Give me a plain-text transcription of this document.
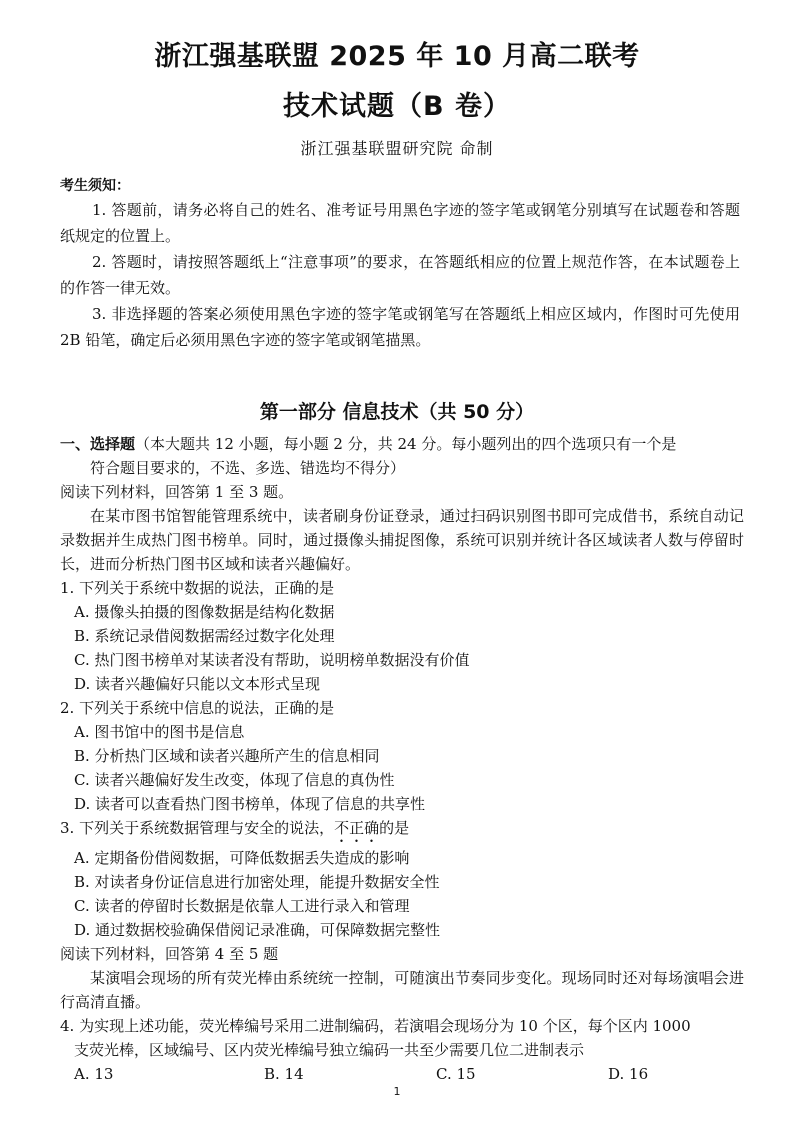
浙江强基联盟 2025 年 10 月高二联考
技术试题（B 卷）
浙江强基联盟研究院 命制
考生须知：
1. 答题前，请务必将自己的姓名、准考证号用黑色字迹的签字笔或钢笔分别填写在试题卷和答题纸规定的位置上。
2. 答题时，请按照答题纸上“注意事项”的要求，在答题纸相应的位置上规范作答，在本试题卷上的作答一律无效。
3. 非选择题的答案必须使用黑色字迹的签字笔或钢笔写在答题纸上相应区域内，作图时可先使用 2B 铅笔，确定后必须用黑色字迹的签字笔或钢笔描黑。
第一部分 信息技术（共 50 分）
一、选择题（本大题共 12 小题，每小题 2 分，共 24 分。每小题列出的四个选项只有一个是
符合题目要求的，不选、多选、错选均不得分）
阅读下列材料，回答第 1 至 3 题。
在某市图书馆智能管理系统中，读者刷身份证登录，通过扫码识别图书即可完成借书，系统自动记录数据并生成热门图书榜单。同时，通过摄像头捕捉图像，系统可识别并统计各区域读者人数与停留时长，进而分析热门图书区域和读者兴趣偏好。
1. 下列关于系统中数据的说法，正确的是
A. 摄像头拍摄的图像数据是结构化数据
B. 系统记录借阅数据需经过数字化处理
C. 热门图书榜单对某读者没有帮助，说明榜单数据没有价值
D. 读者兴趣偏好只能以文本形式呈现
2. 下列关于系统中信息的说法，正确的是
A. 图书馆中的图书是信息
B. 分析热门区域和读者兴趣所产生的信息相同
C. 读者兴趣偏好发生改变，体现了信息的真伪性
D. 读者可以查看热门图书榜单，体现了信息的共享性
3. 下列关于系统数据管理与安全的说法，不正确的是
A. 定期备份借阅数据，可降低数据丢失造成的影响
B. 对读者身份证信息进行加密处理，能提升数据安全性
C. 读者的停留时长数据是依靠人工进行录入和管理
D. 通过数据校验确保借阅记录准确，可保障数据完整性
阅读下列材料，回答第 4 至 5 题
某演唱会现场的所有荧光棒由系统统一控制，可随演出节奏同步变化。现场同时还对每场演唱会进行高清直播。
4. 为实现上述功能，荧光棒编号采用二进制编码，若演唱会现场分为 10 个区，每个区内 1000
支荧光棒，区域编号、区内荧光棒编号独立编码一共至少需要几位二进制表示
A. 13	B. 14	C. 15	D. 16
1
